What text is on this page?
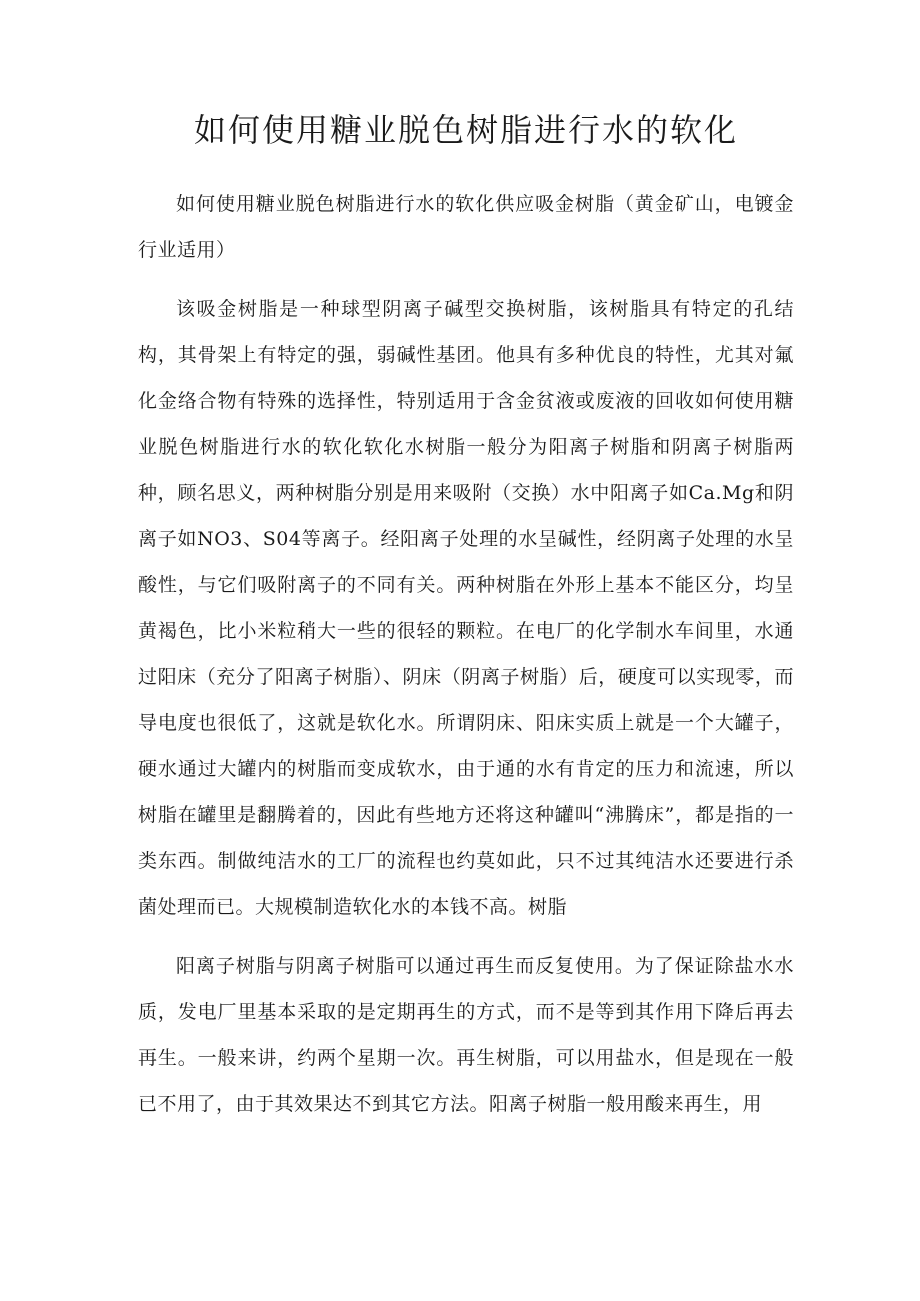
如何使用糖业脱色树脂进行水的软化

如何使用糖业脱色树脂进行水的软化供应吸金树脂（黄金矿山，电镀金行业适用）

该吸金树脂是一种球型阴离子碱型交换树脂，该树脂具有特定的孔结构，其骨架上有特定的强，弱碱性基团。他具有多种优良的特性，尤其对氟化金络合物有特殊的选择性，特别适用于含金贫液或废液的回收如何使用糖业脱色树脂进行水的软化软化水树脂一般分为阳离子树脂和阴离子树脂两种，顾名思义，两种树脂分别是用来吸附（交换）水中阳离子如Ca.Mg和阴离子如NO3、S04等离子。经阳离子处理的水呈碱性，经阴离子处理的水呈酸性，与它们吸附离子的不同有关。两种树脂在外形上基本不能区分，均呈黄褐色，比小米粒稍大一些的很轻的颗粒。在电厂的化学制水车间里，水通过阳床（充分了阳离子树脂）、阴床（阴离子树脂）后，硬度可以实现零，而导电度也很低了，这就是软化水。所谓阴床、阳床实质上就是一个大罐子，硬水通过大罐内的树脂而变成软水，由于通的水有肯定的压力和流速，所以树脂在罐里是翻腾着的，因此有些地方还将这种罐叫“沸腾床”，都是指的一类东西。制做纯洁水的工厂的流程也约莫如此，只不过其纯洁水还要进行杀菌处理而已。大规模制造软化水的本钱不高。树脂

阳离子树脂与阴离子树脂可以通过再生而反复使用。为了保证除盐水水质，发电厂里基本采取的是定期再生的方式，而不是等到其作用下降后再去再生。一般来讲，约两个星期一次。再生树脂，可以用盐水，但是现在一般已不用了，由于其效果达不到其它方法。阳离子树脂一般用酸来再生，用
